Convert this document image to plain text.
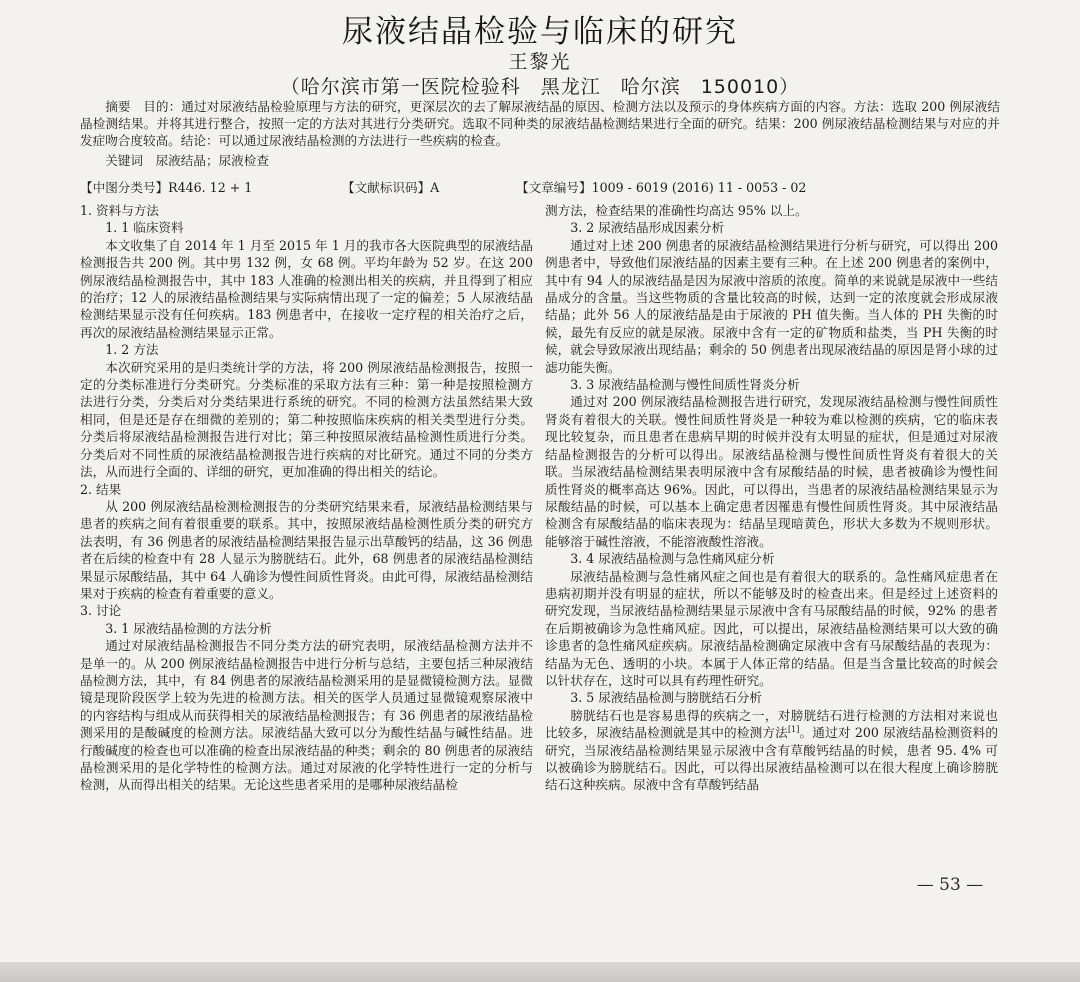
尿液结晶检验与临床的研究
王黎光
（哈尔滨市第一医院检验科　黑龙江　哈尔滨　150010）

摘要　目的：通过对尿液结晶检验原理与方法的研究，更深层次的去了解尿液结晶的原因、检测方法以及预示的身体疾病方面的内容。方法：选取 200 例尿液结晶检测结果。并将其进行整合，按照一定的方法对其进行分类研究。选取不同种类的尿液结晶检测结果进行全面的研究。结果：200 例尿液结晶检测结果与对应的并发症吻合度较高。结论：可以通过尿液结晶检测的方法进行一些疾病的检查。

关键词　尿液结晶；尿液检查
【中图分类号】R446. 12 + 1	【文献标识码】A	【文章编号】1009 - 6019 (2016) 11 - 0053 - 02

1. 资料与方法

1. 1 临床资料

本文收集了自 2014 年 1 月至 2015 年 1 月的我市各大医院典型的尿液结晶检测报告共 200 例。其中男 132 例，女 68 例。平均年龄为 52 岁。在这 200 例尿液结晶检测报告中，其中 183 人准确的检测出相关的疾病，并且得到了相应的治疗；12 人的尿液结晶检测结果与实际病情出现了一定的偏差；5 人尿液结晶检测结果显示没有任何疾病。183 例患者中，在接收一定疗程的相关治疗之后，再次的尿液结晶检测结果显示正常。

1. 2 方法

本次研究采用的是归类统计学的方法，将 200 例尿液结晶检测报告，按照一定的分类标准进行分类研究。分类标准的采取方法有三种：第一种是按照检测方法进行分类，分类后对分类结果进行系统的研究。不同的检测方法虽然结果大致相同，但是还是存在细微的差别的；第二种按照临床疾病的相关类型进行分类。分类后将尿液结晶检测报告进行对比；第三种按照尿液结晶检测性质进行分类。分类后对不同性质的尿液结晶检测报告进行疾病的对比研究。通过不同的分类方法，从而进行全面的、详细的研究，更加准确的得出相关的结论。

2. 结果

从 200 例尿液结晶检测检测报告的分类研究结果来看，尿液结晶检测结果与患者的疾病之间有着很重要的联系。其中，按照尿液结晶检测性质分类的研究方法表明，有 36 例患者的尿液结晶检测结果报告显示出草酸钙的结晶，这 36 例患者在后续的检查中有 28 人显示为膀胱结石。此外，68 例患者的尿液结晶检测结果显示尿酸结晶，其中 64 人确诊为慢性间质性肾炎。由此可得，尿液结晶检测结果对于疾病的检查有着重要的意义。

3. 讨论

3. 1 尿液结晶检测的方法分析

通过对尿液结晶检测报告不同分类方法的研究表明，尿液结晶检测方法并不是单一的。从 200 例尿液结晶检测报告中进行分析与总结，主要包括三种尿液结晶检测方法，其中，有 84 例患者的尿液结晶检测采用的是显微镜检测方法。显微镜是现阶段医学上较为先进的检测方法。相关的医学人员通过显微镜观察尿液中的内容结构与组成从而获得相关的尿液结晶检测报告；有 36 例患者的尿液结晶检测采用的是酸碱度的检测方法。尿液结晶大致可以分为酸性结晶与碱性结晶。进行酸碱度的检查也可以准确的检查出尿液结晶的种类；剩余的 80 例患者的尿液结晶检测采用的是化学特性的检测方法。通过对尿液的化学特性进行一定的分析与检测，从而得出相关的结果。无论这些患者采用的是哪种尿液结晶检

测方法，检查结果的准确性均高达 95% 以上。

3. 2 尿液结晶形成因素分析

通过对上述 200 例患者的尿液结晶检测结果进行分析与研究，可以得出 200 例患者中，导致他们尿液结晶的因素主要有三种。在上述 200 例患者的案例中，其中有 94 人的尿液结晶是因为尿液中溶质的浓度。简单的来说就是尿液中一些结晶成分的含量。当这些物质的含量比较高的时候，达到一定的浓度就会形成尿液结晶；此外 56 人的尿液结晶是由于尿液的 PH 值失衡。当人体的 PH 失衡的时候，最先有反应的就是尿液。尿液中含有一定的矿物质和盐类，当 PH 失衡的时候，就会导致尿液出现结晶；剩余的 50 例患者出现尿液结晶的原因是肾小球的过滤功能失衡。

3. 3 尿液结晶检测与慢性间质性肾炎分析

通过对 200 例尿液结晶检测报告进行研究，发现尿液结晶检测与慢性间质性肾炎有着很大的关联。慢性间质性肾炎是一种较为难以检测的疾病，它的临床表现比较复杂，而且患者在患病早期的时候并没有太明显的症状，但是通过对尿液结晶检测报告的分析可以得出。尿液结晶检测与慢性间质性肾炎有着很大的关联。当尿液结晶检测结果表明尿液中含有尿酸结晶的时候，患者被确诊为慢性间质性肾炎的概率高达 96%。因此，可以得出，当患者的尿液结晶检测结果显示为尿酸结晶的时候，可以基本上确定患者因罹患有慢性间质性肾炎。其中尿液结晶检测含有尿酸结晶的临床表现为：结晶呈现暗黄色，形状大多数为不规则形状。能够溶于碱性溶液，不能溶液酸性溶液。

3. 4 尿液结晶检测与急性痛风症分析

尿液结晶检测与急性痛风症之间也是有着很大的联系的。急性痛风症患者在患病初期并没有明显的症状，所以不能够及时的检查出来。但是经过上述资料的研究发现，当尿液结晶检测结果显示尿液中含有马尿酸结晶的时候，92% 的患者在后期被确诊为急性痛风症。因此，可以提出，尿液结晶检测结果可以大致的确诊患者的急性痛风症疾病。尿液结晶检测确定尿液中含有马尿酸结晶的表现为：结晶为无色、透明的小块。本属于人体正常的结晶。但是当含量比较高的时候会以针状存在，这时可以具有药理性研究。

3. 5 尿液结晶检测与膀胱结石分析

膀胱结石也是容易患得的疾病之一，对膀胱结石进行检测的方法相对来说也比较多，尿液结晶检测就是其中的检测方法[1]。通过对 200 尿液结晶检测资料的研究，当尿液结晶检测结果显示尿液中含有草酸钙结晶的时候，患者 95. 4% 可以被确诊为膀胱结石。因此，可以得出尿液结晶检测可以在很大程度上确诊膀胱结石这种疾病。尿液中含有草酸钙结晶

— 53 —
